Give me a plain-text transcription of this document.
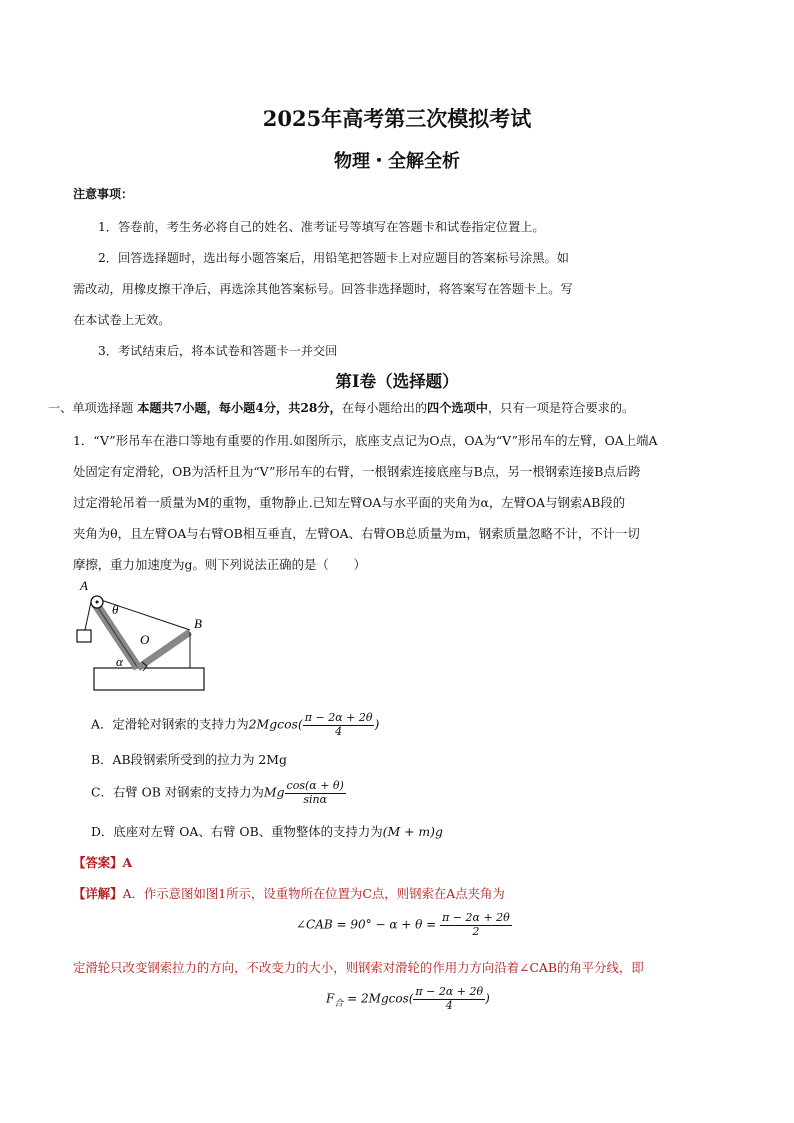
2025年高考第三次模拟考试
物理・全解全析
注意事项：
1．答卷前，考生务必将自己的姓名、准考证号等填写在答题卡和试卷指定位置上。
2．回答选择题时，选出每小题答案后，用铅笔把答题卡上对应题目的答案标号涂黑。如
需改动，用橡皮擦干净后，再选涂其他答案标号。回答非选择题时，将答案写在答题卡上。写
在本试卷上无效。
3．考试结束后，将本试卷和答题卡一并交回
第Ⅰ卷（选择题）
一、单项选择题 本题共7小题，每小题4分，共28分，在每小题给出的四个选项中，只有一项是符合要求的。
1．“V”形吊车在港口等地有重要的作用.如图所示，底座支点记为O点，OA为“V”形吊车的左臂，OA上端A
处固定有定滑轮，OB为活杆且为“V”形吊车的右臂，一根钢索连接底座与B点，另一根钢索连接B点后跨
过定滑轮吊着一质量为M的重物，重物静止.已知左臂OA与水平面的夹角为α，左臂OA与钢索AB段的
夹角为θ，且左臂OA与右臂OB相互垂直，左臂OA、右臂OB总质量为m，钢索质量忽略不计，不计一切
摩擦，重力加速度为g。则下列说法正确的是（　　）
A
B
O
θ
α
A．定滑轮对钢索的支持力为$2Mgcos( \frac{\pi - 2\alpha + 2\theta}{4}$ )
B．AB段钢索所受到的拉力为 2Mg
C．右臂 OB 对钢索的支持力为Mg $\frac{\cos(\alpha + \theta)}{\sin\alpha}$
D．底座对左臂 OA、右臂 OB、重物整体的支持力为(M + m)g
【答案】A
【详解】A．作示意图如图1所示，设重物所在位置为C点，则钢索在A点夹角为
∠CAB = $90^\circ - \alpha + \theta = \frac{\pi - 2\alpha + 2\theta}{2}$
定滑轮只改变钢索拉力的方向，不改变力的大小，则钢索对滑轮的作用力方向沿着∠CAB的角平分线，即
$F_合 = 2Mgcos( \frac{\pi - 2\alpha + 2\theta}{4}$ )
